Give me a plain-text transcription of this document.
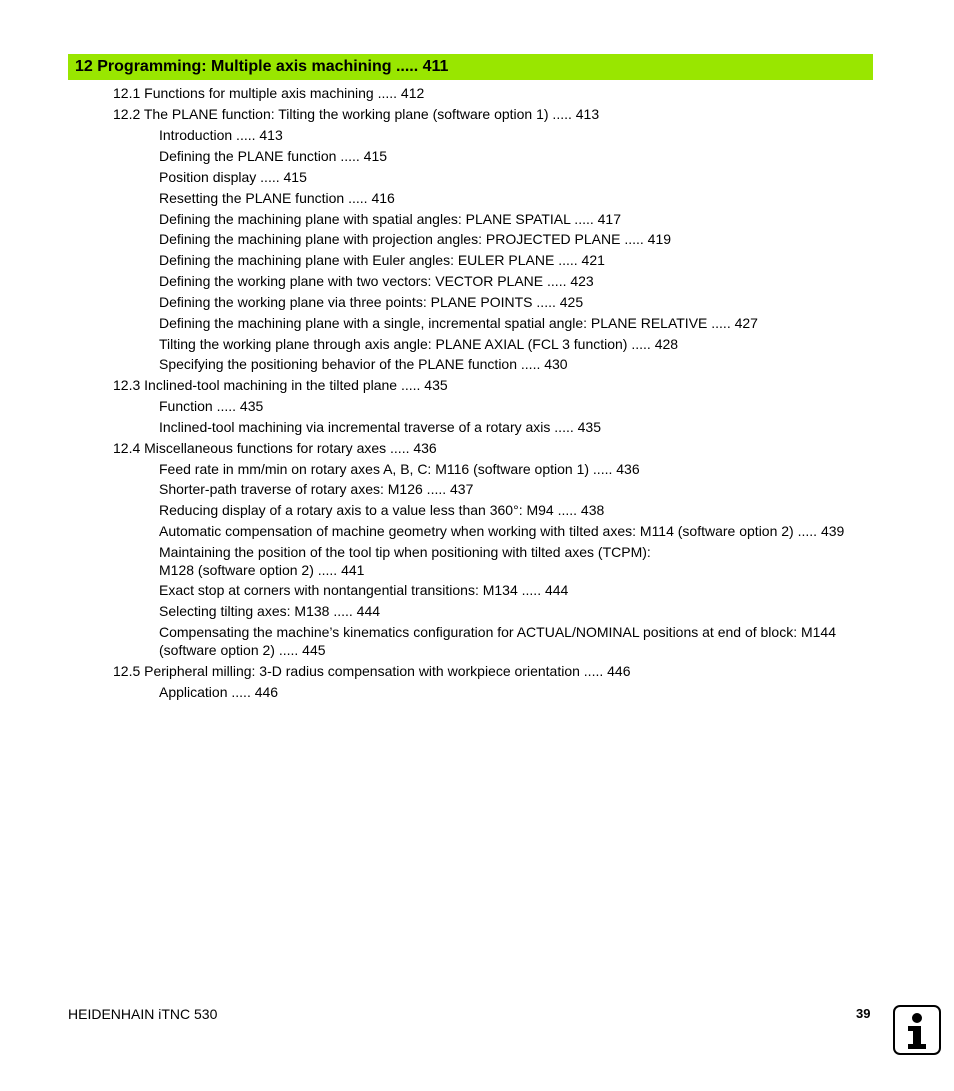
12 Programming: Multiple axis machining ..... 411
12.1 Functions for multiple axis machining ..... 412
12.2 The PLANE function: Tilting the working plane (software option 1) ..... 413
Introduction ..... 413
Defining the PLANE function ..... 415
Position display ..... 415
Resetting the PLANE function ..... 416
Defining the machining plane with spatial angles: PLANE SPATIAL ..... 417
Defining the machining plane with projection angles: PROJECTED PLANE ..... 419
Defining the machining plane with Euler angles: EULER PLANE ..... 421
Defining the working plane with two vectors: VECTOR PLANE ..... 423
Defining the working plane via three points: PLANE POINTS ..... 425
Defining the machining plane with a single, incremental spatial angle: PLANE RELATIVE ..... 427
Tilting the working plane through axis angle: PLANE AXIAL (FCL 3 function) ..... 428
Specifying the positioning behavior of the PLANE function ..... 430
12.3 Inclined-tool machining in the tilted plane ..... 435
Function ..... 435
Inclined-tool machining via incremental traverse of a rotary axis ..... 435
12.4 Miscellaneous functions for rotary axes ..... 436
Feed rate in mm/min on rotary axes A, B, C: M116 (software option 1) ..... 436
Shorter-path traverse of rotary axes: M126 ..... 437
Reducing display of a rotary axis to a value less than 360°: M94 ..... 438
Automatic compensation of machine geometry when working with tilted axes: M114 (software option 2) ..... 439
Maintaining the position of the tool tip when positioning with tilted axes (TCPM):
M128 (software option 2) ..... 441
Exact stop at corners with nontangential transitions: M134 ..... 444
Selecting tilting axes: M138 ..... 444
Compensating the machine’s kinematics configuration for ACTUAL/NOMINAL positions at end of block: M144
(software option 2) ..... 445
12.5 Peripheral milling: 3-D radius compensation with workpiece orientation ..... 446
Application ..... 446
HEIDENHAIN iTNC 530	39
